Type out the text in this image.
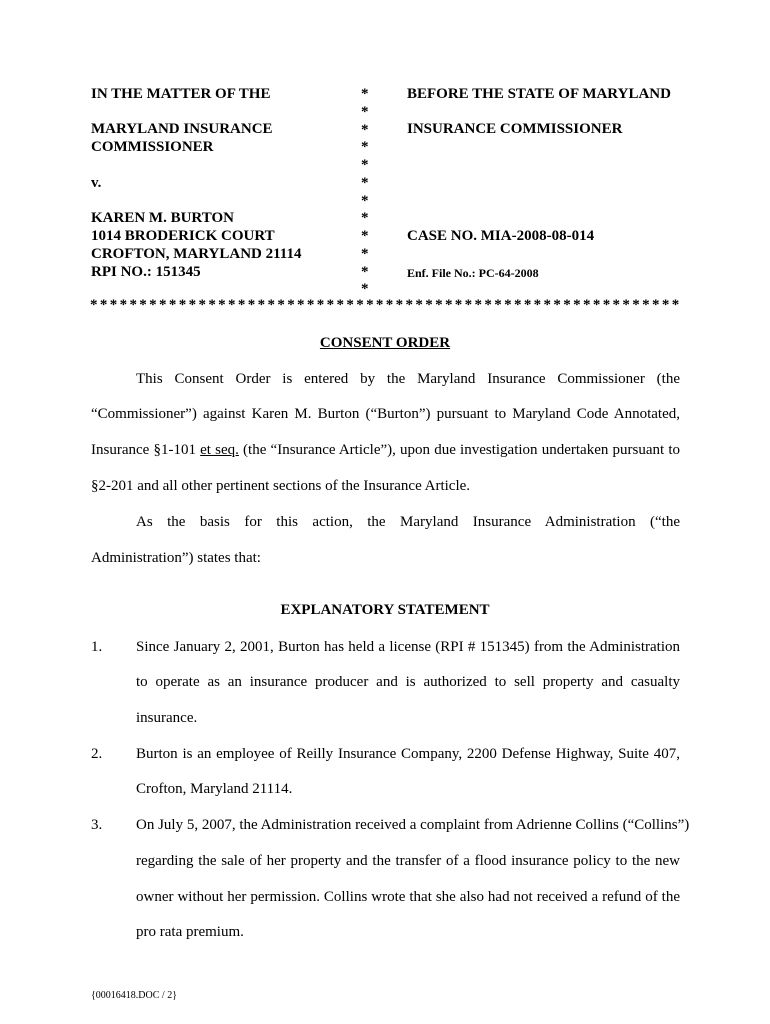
IN THE MATTER OF THE
MARYLAND INSURANCE
COMMISSIONER
v.
KAREN M. BURTON
1014 BRODERICK COURT
CROFTON, MARYLAND 21114
RPI NO.: 151345
*
*
*
*
*
*
*
*
*
*
*
*
BEFORE THE STATE OF MARYLAND
INSURANCE COMMISSIONER
CASE NO. MIA-2008-08-014
Enf. File No.: PC-64-2008
* * * * * * * * * * * * * * * * * * * * * * * * * * * * * * * * * * * * * * * * * * * * * * * * * * * * * * * * * * * *
CONSENT ORDER
This Consent Order is entered by the Maryland Insurance Commissioner (the
“Commissioner”) against Karen M. Burton (“Burton”) pursuant to Maryland Code Annotated,
Insurance §1-101 et seq. (the “Insurance Article”), upon due investigation undertaken pursuant to
§2-201 and all other pertinent sections of the Insurance Article.
As the basis for this action, the Maryland Insurance Administration (“the
Administration”) states that:
EXPLANATORY STATEMENT
1. Since January 2, 2001, Burton has held a license (RPI # 151345) from the Administration
to operate as an insurance producer and is authorized to sell property and casualty
insurance.
2. Burton is an employee of Reilly Insurance Company, 2200 Defense Highway, Suite 407,
Crofton, Maryland 21114.
3. On July 5, 2007, the Administration received a complaint from Adrienne Collins (“Collins”)
regarding the sale of her property and the transfer of a flood insurance policy to the new
owner without her permission. Collins wrote that she also had not received a refund of the
pro rata premium.
{00016418.DOC / 2}
